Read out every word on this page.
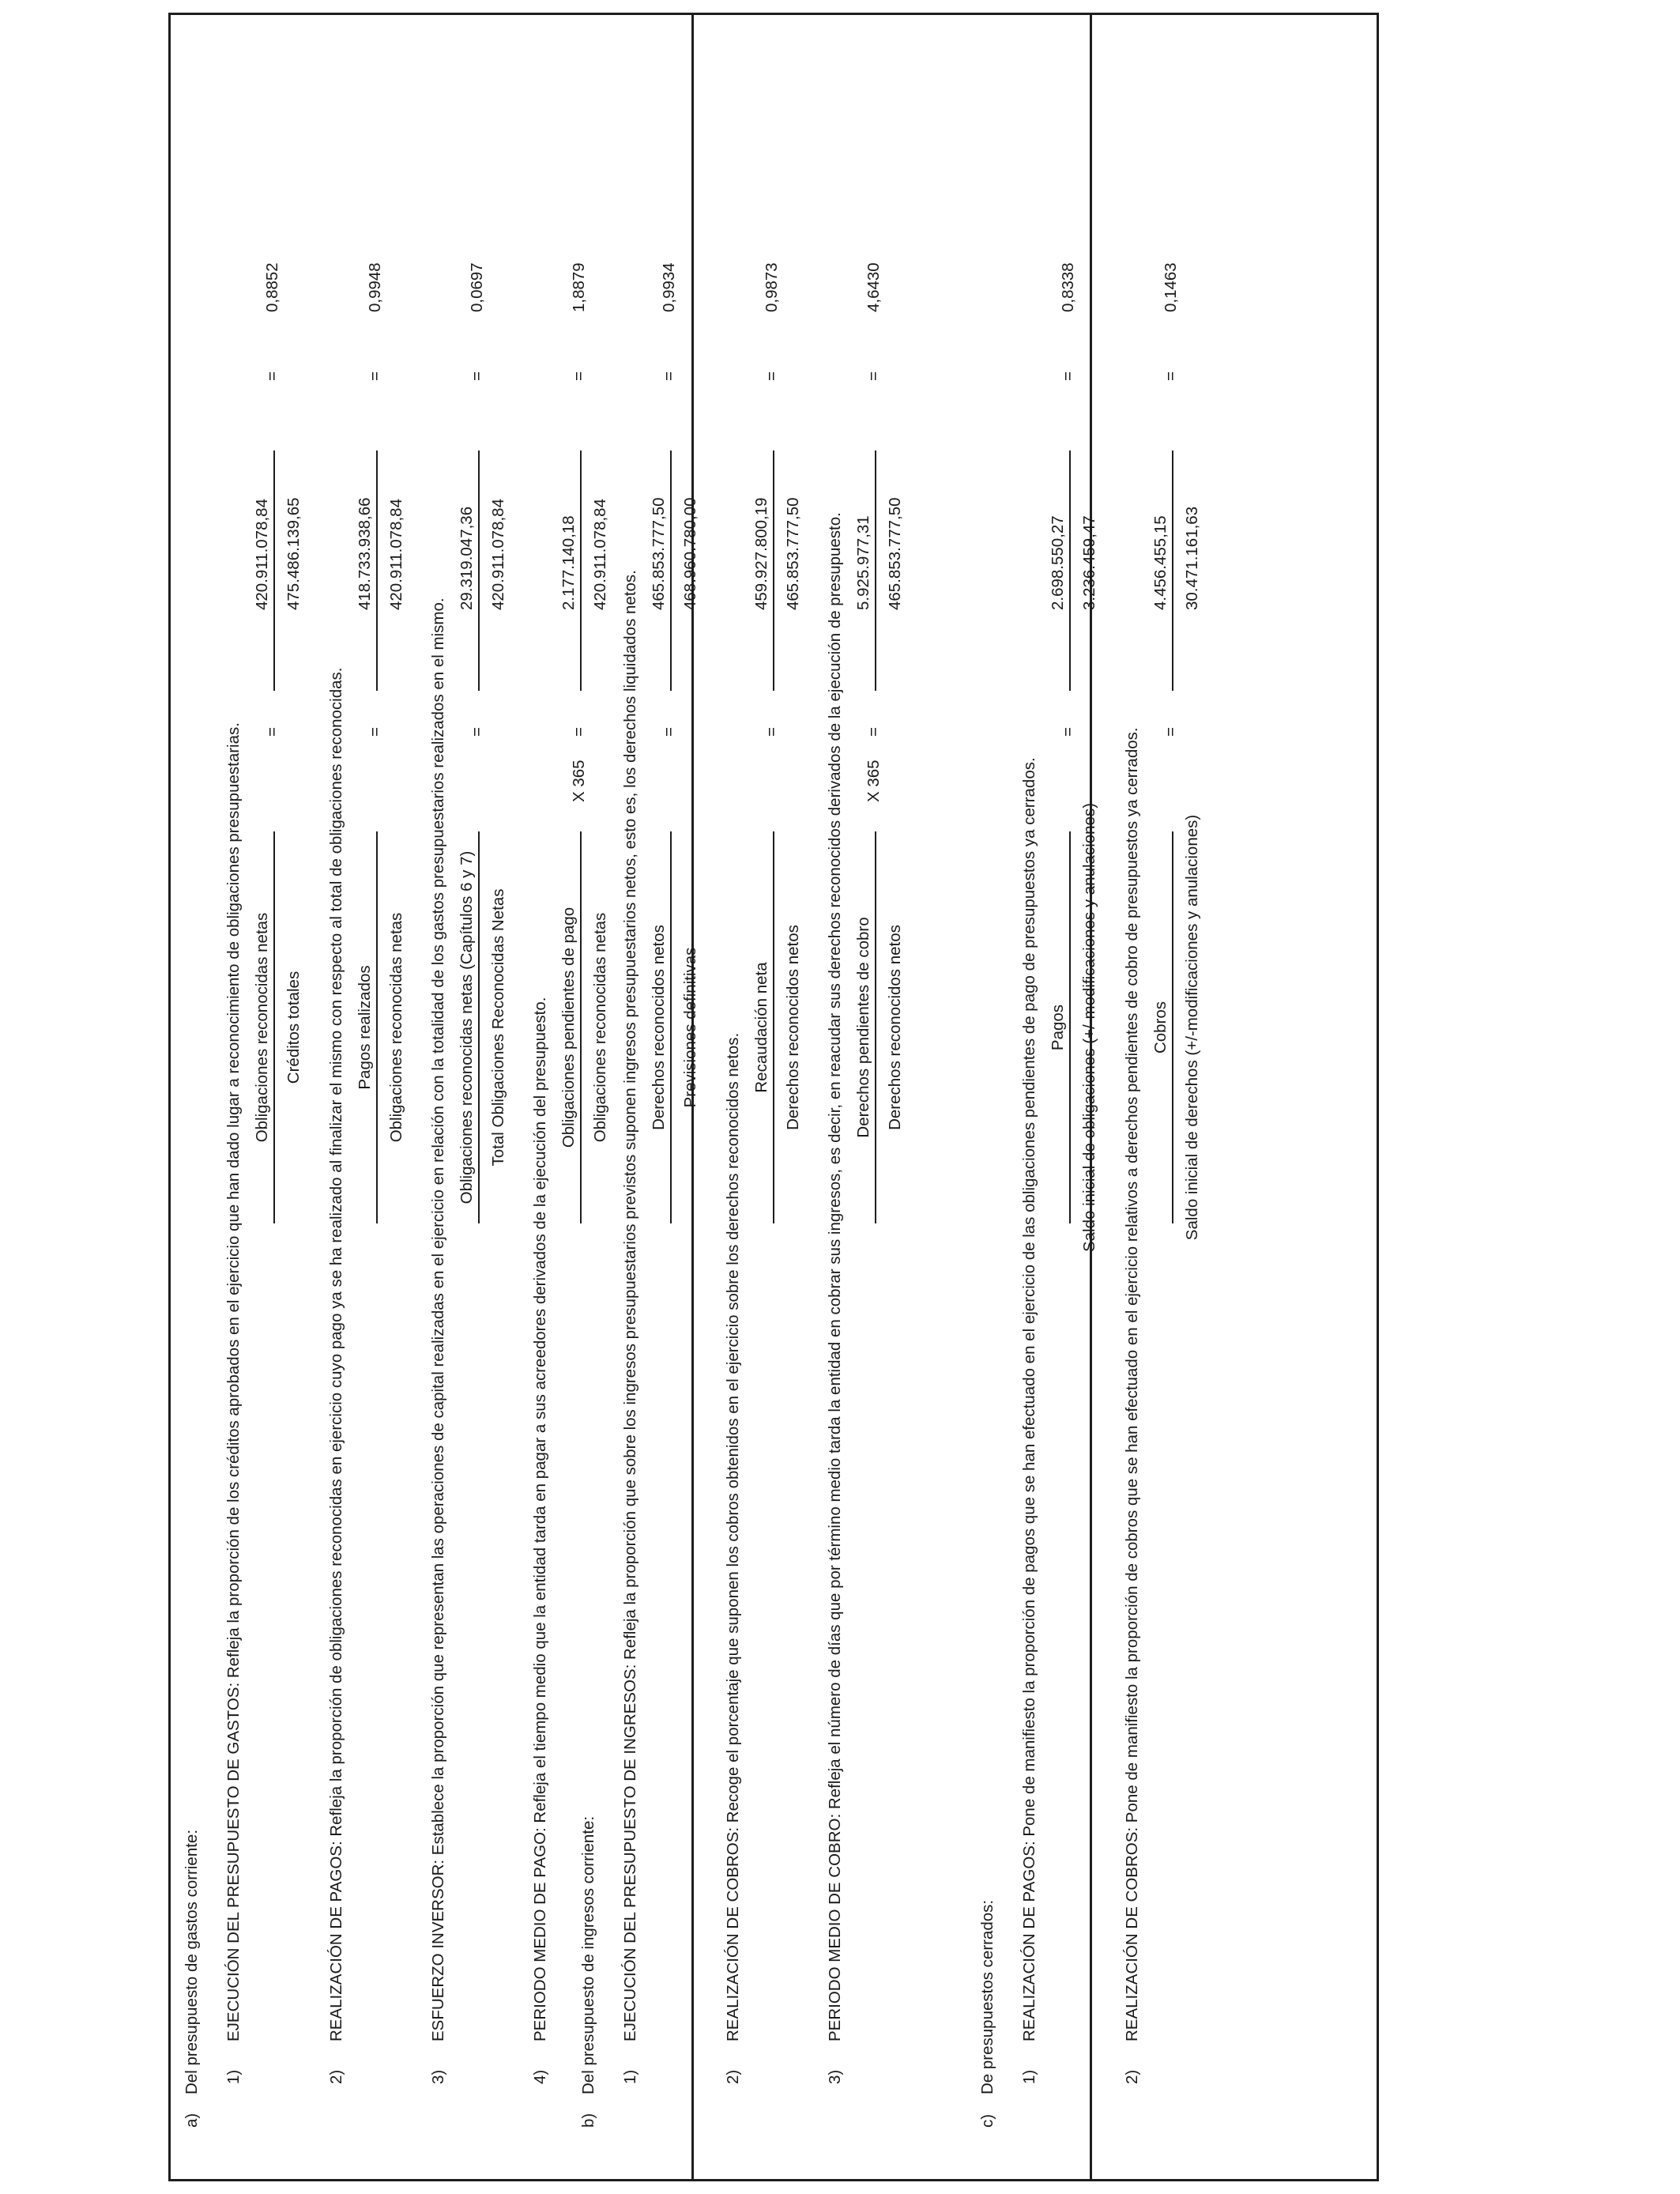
a)
Del presupuesto de gastos corriente: 1)
EJECUCIÓN DEL PRESUPUESTO DE GASTOS: Refleja la proporción de los créditos aprobados en el ejercicio que han dado lugar a reconocimiento de obligaciones presupuestarias. Obligaciones reconocidas netas Créditos totales
=
420.911.078,84 475.486.139,65
=
0,8852
2)
REALIZACIÓN DE PAGOS: Refleja la proporción de obligaciones reconocidas en ejercicio cuyo pago ya se ha realizado al finalizar el mismo con respecto al total de obligaciones reconocidas. Pagos realizados Obligaciones reconocidas netas
=
418.733.938,66 420.911.078,84
=
0,9948
3)
ESFUERZO INVERSOR: Establece la proporción que representan las operaciones de capital realizadas en el ejercicio en relación con la totalidad de los gastos presupuestarios realizados en el mismo. Obligaciones reconocidas netas (Capítulos 6 y 7) Total Obligaciones Reconocidas Netas
=
29.319.047,36 420.911.078,84
=
0,0697
4)
PERIODO MEDIO DE PAGO: Refleja el tiempo medio que la entidad tarda en pagar a sus acreedores derivados de la ejecución del presupuesto. Obligaciones pendientes de pago Obligaciones reconocidas netas
X 365
=
2.177.140,18 420.911.078,84
=
1,8879
b)
Del presupuesto de ingresos corriente: 1)
EJECUCIÓN DEL PRESUPUESTO DE INGRESOS: Refleja la proporción que sobre los ingresos presupuestarios previstos suponen ingresos presupuestarios netos, esto es, los derechos liquidados netos. Derechos reconocidos netos Previsiones definitivas
=
465.853.777,50 468.960.780,00
=
0,9934
2)
REALIZACIÓN DE COBROS: Recoge el porcentaje que suponen los cobros obtenidos en el ejercicio sobre los derechos reconocidos netos.
Recaudación neta Derechos reconocidos netos
=
459.927.800,19 465.853.777,50
=
0,9873
3)
PERIODO MEDIO DE COBRO: Refleja el número de días que por término medio tarda la entidad en cobrar sus ingresos, es decir, en reacudar sus derechos reconocidos derivados de la ejecución de presupuesto. Derechos pendientes de cobro Derechos reconocidos netos
X 365
=
5.925.977,31 465.853.777,50
=
4,6430
c)
De presupuestos cerrados: 1)
REALIZACIÓN DE PAGOS: Pone de manifiesto la proporción de pagos que se han efectuado en el ejercicio de las obligaciones pendientes de pago de presupuestos ya cerrados. Pagos Saldo inicial de obligaciones (+/-modificaciones y anulaciones)
=
2.698.550,27 3.236.459,47
=
0,8338
2)
REALIZACIÓN DE COBROS: Pone de manifiesto la proporción de cobros que se han efectuado en el ejercicio relativos a derechos pendientes de cobro de presupuestos ya cerrados. Cobros Saldo inicial de derechos (+/-modificaciones y anulaciones)
=
4.456.455,15 30.471.161,63
=
0,1463
